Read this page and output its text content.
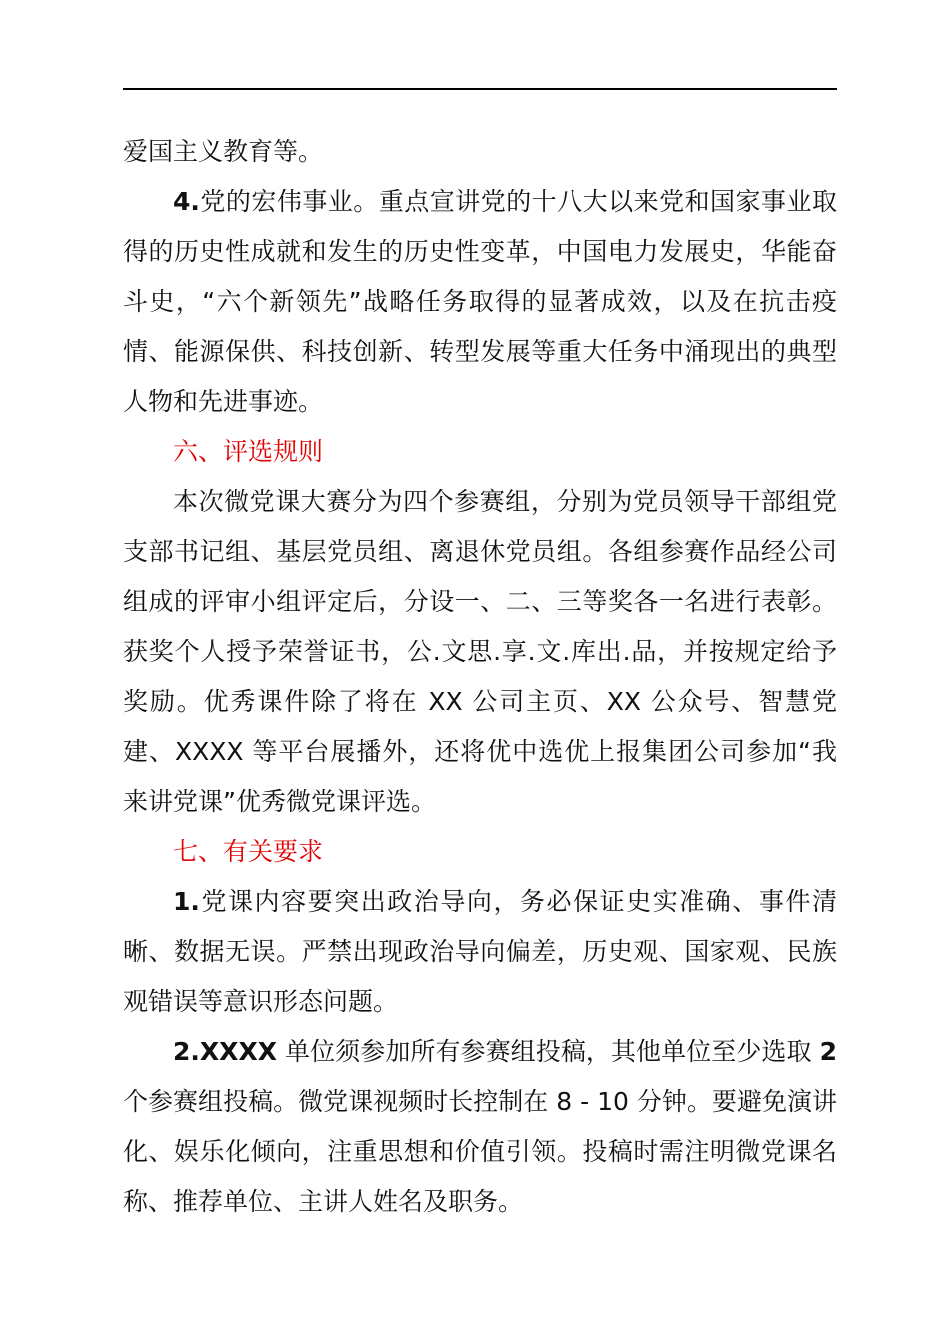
爱国主义教育等。

4.党的宏伟事业。重点宣讲党的十八大以来党和国家事业取得的历史性成就和发生的历史性变革，中国电力发展史，华能奋斗史，“六个新领先”战略任务取得的显著成效，以及在抗击疫情、能源保供、科技创新、转型发展等重大任务中涌现出的典型人物和先进事迹。

六、评选规则

本次微党课大赛分为四个参赛组，分别为党员领导干部组党支部书记组、基层党员组、离退休党员组。各组参赛作品经公司组成的评审小组评定后，分设一、二、三等奖各一名进行表彰。获奖个人授予荣誉证书，公.文思.享.文.库出.品，并按规定给予奖励。优秀课件除了将在 XX 公司主页、XX 公众号、智慧党建、XXXX 等平台展播外，还将优中选优上报集团公司参加“我来讲党课”优秀微党课评选。

七、有关要求

1.党课内容要突出政治导向，务必保证史实准确、事件清晰、数据无误。严禁出现政治导向偏差，历史观、国家观、民族观错误等意识形态问题。

2.XXXX 单位须参加所有参赛组投稿，其他单位至少选取 2 个参赛组投稿。微党课视频时长控制在 8 - 10 分钟。要避免演讲化、娱乐化倾向，注重思想和价值引领。投稿时需注明微党课名称、推荐单位、主讲人姓名及职务。
